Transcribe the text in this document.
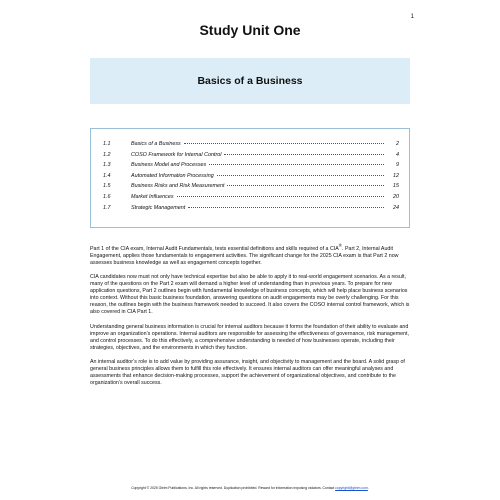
1
Study Unit One
Basics of a Business
1.1	Basics of a Business	2
1.2	COSO Framework for Internal Control	4
1.3	Business Model and Processes	9
1.4	Automated Information Processing	12
1.5	Business Risks and Risk Measurement	15
1.6	Market Influences	20
1.7	Strategic Management	24

Part 1 of the CIA exam, Internal Audit Fundamentals, tests essential definitions and skills required of a CIA®. Part 2, Internal Audit Engagement, applies those fundamentals to engagement activities. The significant change for the 2025 CIA exam is that Part 2 now assesses business knowledge as well as engagement concepts together.

CIA candidates now must not only have technical expertise but also be able to apply it to real-world engagement scenarios. As a result, many of the questions on the Part 2 exam will demand a higher level of understanding than in previous years. To prepare for new application questions, Part 2 outlines begin with fundamental knowledge of business concepts, which will help place business scenarios into context. Without this basic business foundation, answering questions on audit engagements may be overly challenging. For this reason, the outlines begin with the business framework needed to succeed. It also covers the COSO internal control framework, which is also covered in CIA Part 1.

Understanding general business information is crucial for internal auditors because it forms the foundation of their ability to evaluate and improve an organization’s operations. Internal auditors are responsible for assessing the effectiveness of governance, risk management, and control processes. To do this effectively, a comprehensive understanding is needed of how businesses operate, including their strategies, objectives, and the environments in which they function.

An internal auditor’s role is to add value by providing assurance, insight, and objectivity to management and the board. A solid grasp of general business principles allows them to fulfill this role effectively. It ensures internal auditors can offer meaningful analyses and assessments that enhance decision-making processes, support the achievement of organizational objectives, and contribute to the organization’s overall success.

Copyright © 2025 Gleim Publications, Inc. All rights reserved. Duplication prohibited. Reward for information exposing violators. Contact copyright@gleim.com.
